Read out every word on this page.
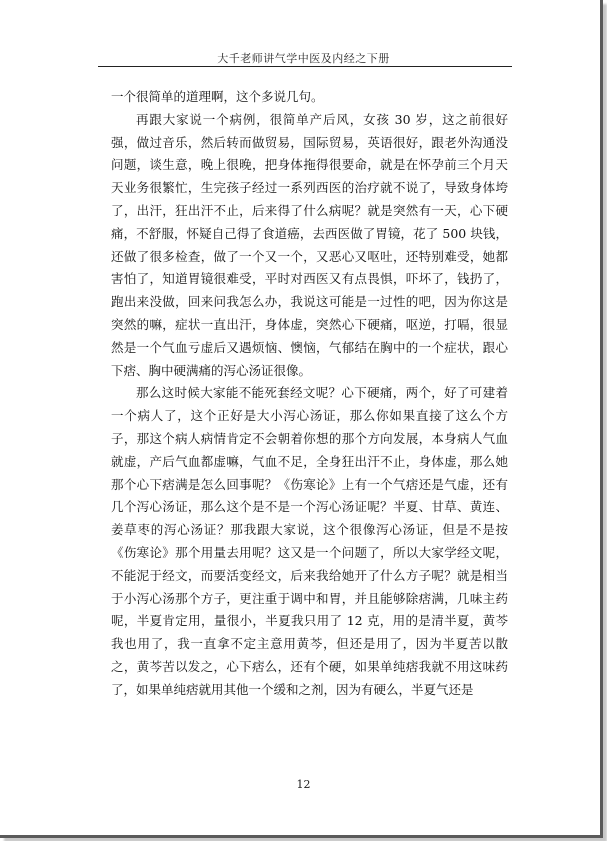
大千老师讲气学中医及内经之下册

一个很简单的道理啊，这个多说几句。

再跟大家说一个病例，很简单产后风，女孩 30 岁，这之前很好强，做过音乐，然后转而做贸易，国际贸易，英语很好，跟老外沟通没问题，谈生意，晚上很晚，把身体拖得很要命，就是在怀孕前三个月天天业务很繁忙，生完孩子经过一系列西医的治疗就不说了，导致身体垮了，出汗，狂出汗不止，后来得了什么病呢？就是突然有一天，心下硬痛，不舒服，怀疑自己得了食道癌，去西医做了胃镜，花了 500 块钱，还做了很多检查，做了一个又一个，又恶心又呕吐，还特别难受，她都害怕了，知道胃镜很难受，平时对西医又有点畏惧，吓坏了，钱扔了，跑出来没做，回来问我怎么办，我说这可能是一过性的吧，因为你这是突然的嘛，症状一直出汗，身体虚，突然心下硬痛，呕逆，打嗝，很显然是一个气血亏虚后又遇烦恼、懊恼，气郁结在胸中的一个症状，跟心下痞、胸中硬满痛的泻心汤证很像。

那么这时候大家能不能死套经文呢？心下硬痛，两个，好了可建着一个病人了，这个正好是大小泻心汤证，那么你如果直接了这么个方子，那这个病人病情肯定不会朝着你想的那个方向发展，本身病人气血就虚，产后气血都虚嘛，气血不足，全身狂出汗不止，身体虚，那么她那个心下痞满是怎么回事呢？《伤寒论》上有一个气痞还是气虚，还有几个泻心汤证，那么这个是不是一个泻心汤证呢？半夏、甘草、黄连、姜草枣的泻心汤证？那我跟大家说，这个很像泻心汤证，但是不是按《伤寒论》那个用量去用呢？这又是一个问题了，所以大家学经文呢，不能泥于经文，而要活变经文，后来我给她开了什么方子呢？就是相当于小泻心汤那个方子，更注重于调中和胃，并且能够除痞满，几味主药呢，半夏肯定用，量很小，半夏我只用了 12 克，用的是清半夏，黄芩我也用了，我一直拿不定主意用黄芩，但还是用了，因为半夏苦以散之，黄芩苦以发之，心下痞么，还有个硬，如果单纯痞我就不用这味药了，如果单纯痞就用其他一个缓和之剂，因为有硬么，半夏气还是

12
